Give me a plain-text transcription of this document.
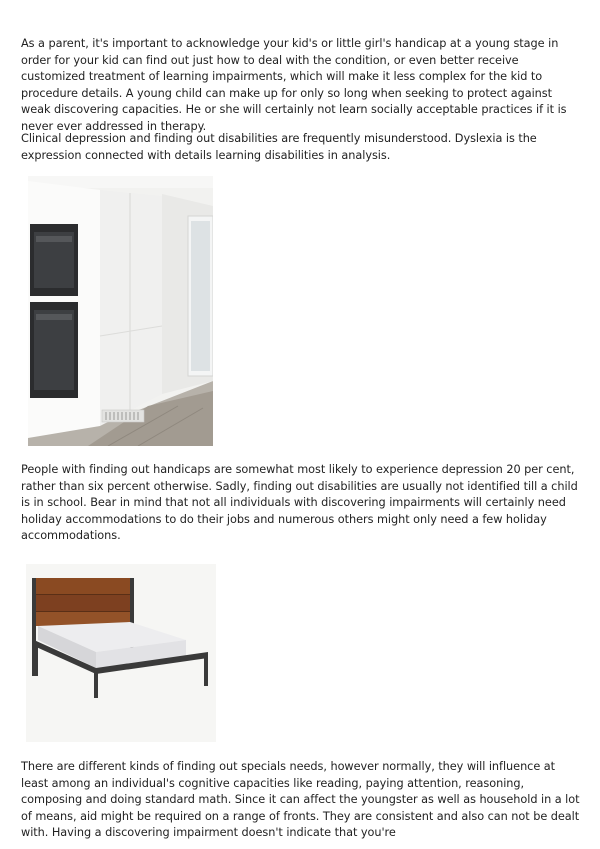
As a parent, it's important to acknowledge your kid's or little girl's handicap at a young stage in order for your kid can find out just how to deal with the condition, or even better receive customized treatment of learning impairments, which will make it less complex for the kid to procedure details. A young child can make up for only so long when seeking to protect against weak discovering capacities. He or she will certainly not learn socially acceptable practices if it is never ever addressed in therapy.

Clinical depression and finding out disabilities are frequently misunderstood. Dyslexia is the expression connected with details learning disabilities in analysis.

People with finding out handicaps are somewhat most likely to experience depression 20 per cent, rather than six percent otherwise. Sadly, finding out disabilities are usually not identified till a child is in school. Bear in mind that not all individuals with discovering impairments will certainly need holiday accommodations to do their jobs and numerous others might only need a few holiday accommodations.

There are different kinds of finding out specials needs, however normally, they will influence at least among an individual's cognitive capacities like reading, paying attention, reasoning, composing and doing standard math. Since it can affect the youngster as well as household in a lot of means, aid might be required on a range of fronts. They are consistent and also can not be dealt with. Having a discovering impairment doesn't indicate that you're
